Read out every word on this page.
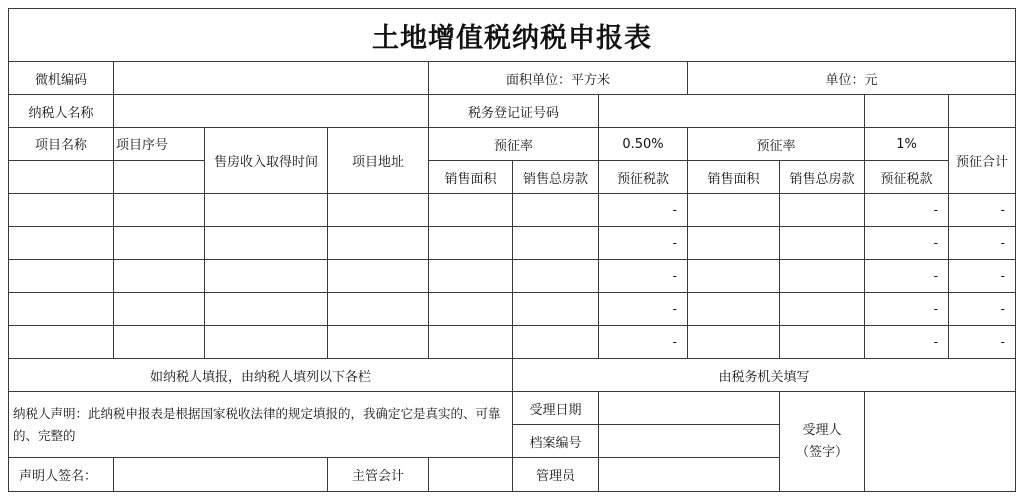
土地增值税纳税申报表
微机编码				面积单位：平方米			单位：元			
纳税人名称				税务登记证号码						
项目名称	项目序号	售房收入取得时间	项目地址	预征率		0.50%	预征率		1%	预征合计
				销售面积	销售总房款	预征税款	销售面积	销售总房款	预征税款	
						-			-	-
						-			-	-
						-			-	-
						-			-	-
						-			-	-
如纳税人填报，由纳税人填列以下各栏					由税务机关填写					
纳税人声明：此纳税申报表是根据国家税收法律的规定填报的，我确定它是真实的、可靠的、完整的					受理日期			受理人
（签字）		
					档案编号					
声明人签名：			主管会计		管理员					
